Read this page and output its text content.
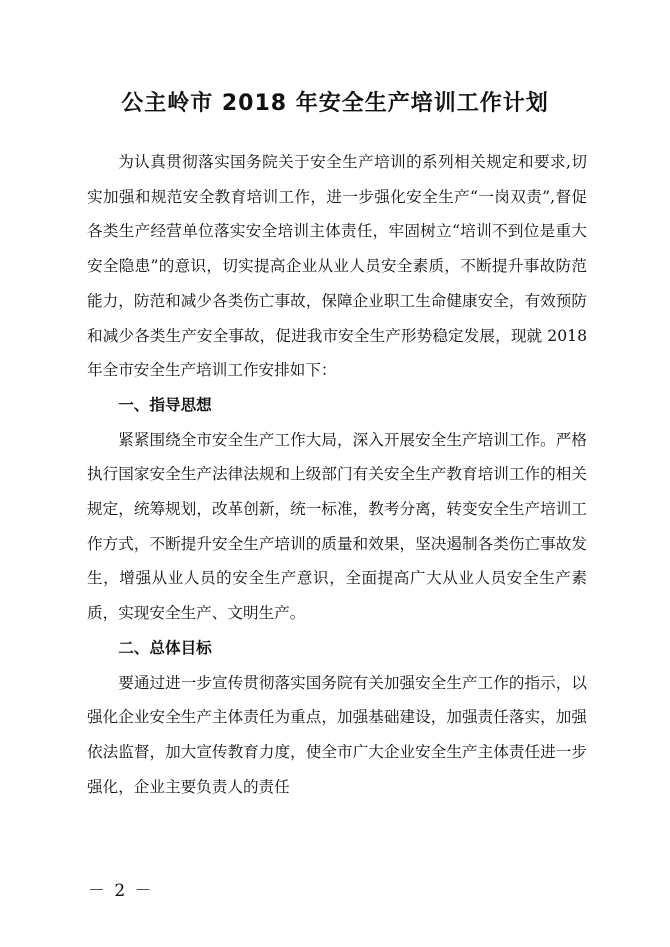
公主岭市 2018 年安全生产培训工作计划

为认真贯彻落实国务院关于安全生产培训的系列相关规定和要求,切实加强和规范安全教育培训工作，进一步强化安全生产“一岗双责”,督促各类生产经营单位落实安全培训主体责任，牢固树立“培训不到位是重大安全隐患”的意识，切实提高企业从业人员安全素质，不断提升事故防范能力，防范和减少各类伤亡事故，保障企业职工生命健康安全，有效预防和减少各类生产安全事故，促进我市安全生产形势稳定发展，现就 2018 年全市安全生产培训工作安排如下：

一、指导思想

紧紧围绕全市安全生产工作大局，深入开展安全生产培训工作。严格执行国家安全生产法律法规和上级部门有关安全生产教育培训工作的相关规定，统筹规划，改革创新，统一标准，教考分离，转变安全生产培训工作方式，不断提升安全生产培训的质量和效果，坚决遏制各类伤亡事故发生，增强从业人员的安全生产意识，全面提高广大从业人员安全生产素质，实现安全生产、文明生产。

二、总体目标

要通过进一步宣传贯彻落实国务院有关加强安全生产工作的指示，以强化企业安全生产主体责任为重点，加强基础建设，加强责任落实，加强依法监督，加大宣传教育力度，使全市广大企业安全生产主体责任进一步强化，企业主要负责人的责任

－ 2 －
